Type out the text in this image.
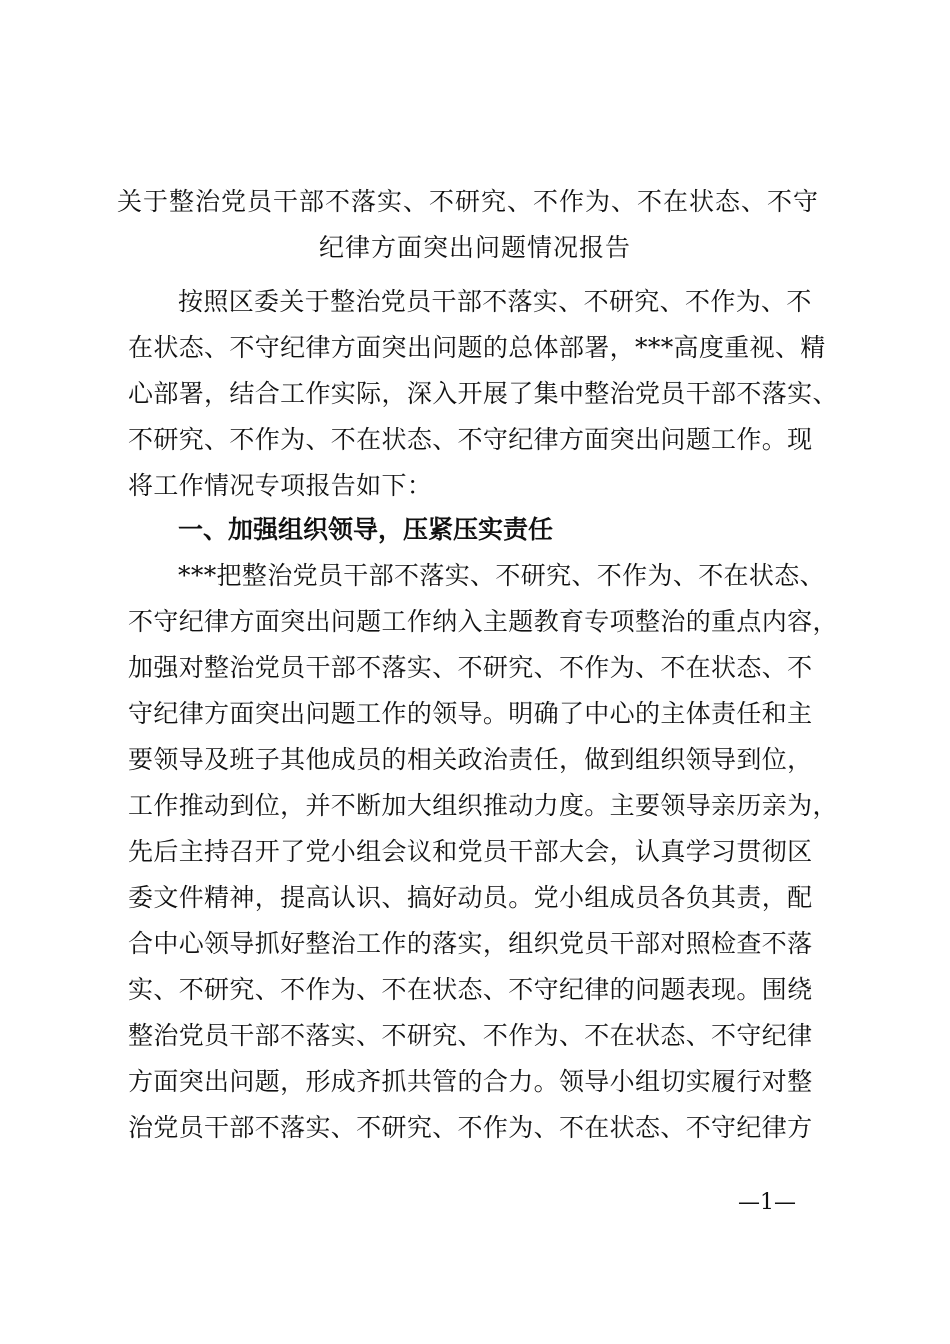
关于整治党员干部不落实、不研究、不作为、不在状态、不守
纪律方面突出问题情况报告
按照区委关于整治党员干部不落实、不研究、不作为、不
在状态、不守纪律方面突出问题的总体部署，***高度重视、精
心部署，结合工作实际，深入开展了集中整治党员干部不落实、
不研究、不作为、不在状态、不守纪律方面突出问题工作。现
将工作情况专项报告如下：
一、加强组织领导，压紧压实责任
***把整治党员干部不落实、不研究、不作为、不在状态、
不守纪律方面突出问题工作纳入主题教育专项整治的重点内容，
加强对整治党员干部不落实、不研究、不作为、不在状态、不
守纪律方面突出问题工作的领导。明确了中心的主体责任和主
要领导及班子其他成员的相关政治责任，做到组织领导到位，
工作推动到位，并不断加大组织推动力度。主要领导亲历亲为，
先后主持召开了党小组会议和党员干部大会，认真学习贯彻区
委文件精神，提高认识、搞好动员。党小组成员各负其责，配
合中心领导抓好整治工作的落实，组织党员干部对照检查不落
实、不研究、不作为、不在状态、不守纪律的问题表现。围绕
整治党员干部不落实、不研究、不作为、不在状态、不守纪律
方面突出问题，形成齐抓共管的合力。领导小组切实履行对整
治党员干部不落实、不研究、不作为、不在状态、不守纪律方
—1—
